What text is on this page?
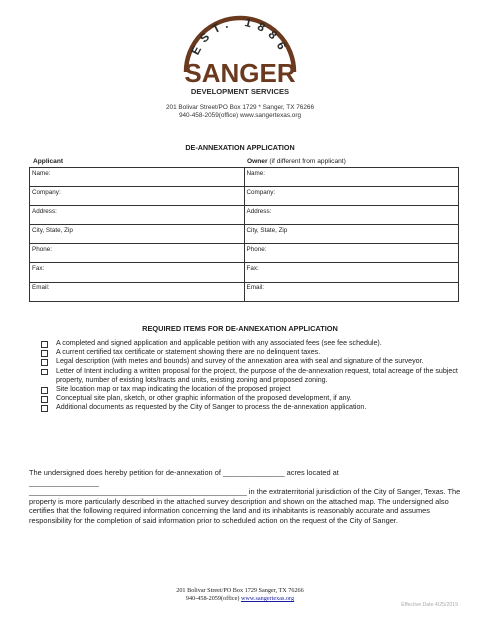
EST. 1886
SANGER
DEVELOPMENT SERVICES
201 Bolivar Street/PO Box 1729 * Sanger, TX 76266
940-458-2059(office) www.sangertexas.org
DE-ANNEXATION APPLICATION
Applicant	Owner (if different from applicant)
Name:	Name:
Company:	Company:
Address:	Address:
City, State, Zip	City, State, Zip
Phone:	Phone:
Fax:	Fax:
Email:	Email:
REQUIRED ITEMS FOR DE-ANNEXATION APPLICATION
A completed and signed application and applicable petition with any associated fees (see fee schedule).
A current certified tax certificate or statement showing there are no delinquent taxes.
Legal description (with metes and bounds) and survey of the annexation area with seal and signature of the surveyor.
Letter of Intent including a written proposal for the project, the purpose of the de-annexation request, total acreage of the subject property, number of existing lots/tracts and units, existing zoning and proposed zoning.
Site location map or tax map indicating the location of the proposed project
Conceptual site plan, sketch, or other graphic information of the proposed development, if any.
Additional documents as requested by the City of Sanger to process the de-annexation application.
The undersigned does hereby petition for de-annexation of _______________ acres located at
_________________
_____________________________________________________ in the extraterritorial jurisdiction of the City of Sanger, Texas. The property is more particularly described in the attached survey description and shown on the attached map. The undersigned also certifies that the following required information concerning the land and its inhabitants is reasonably accurate and assumes responsibility for the completion of said information prior to scheduled action on the request of the City of Sanger.
201 Bolivar Street/PO Box 1729 Sanger, TX 76266
940-458-2059(office) www.sangertexas.org
Effective Date 4/25/2019
